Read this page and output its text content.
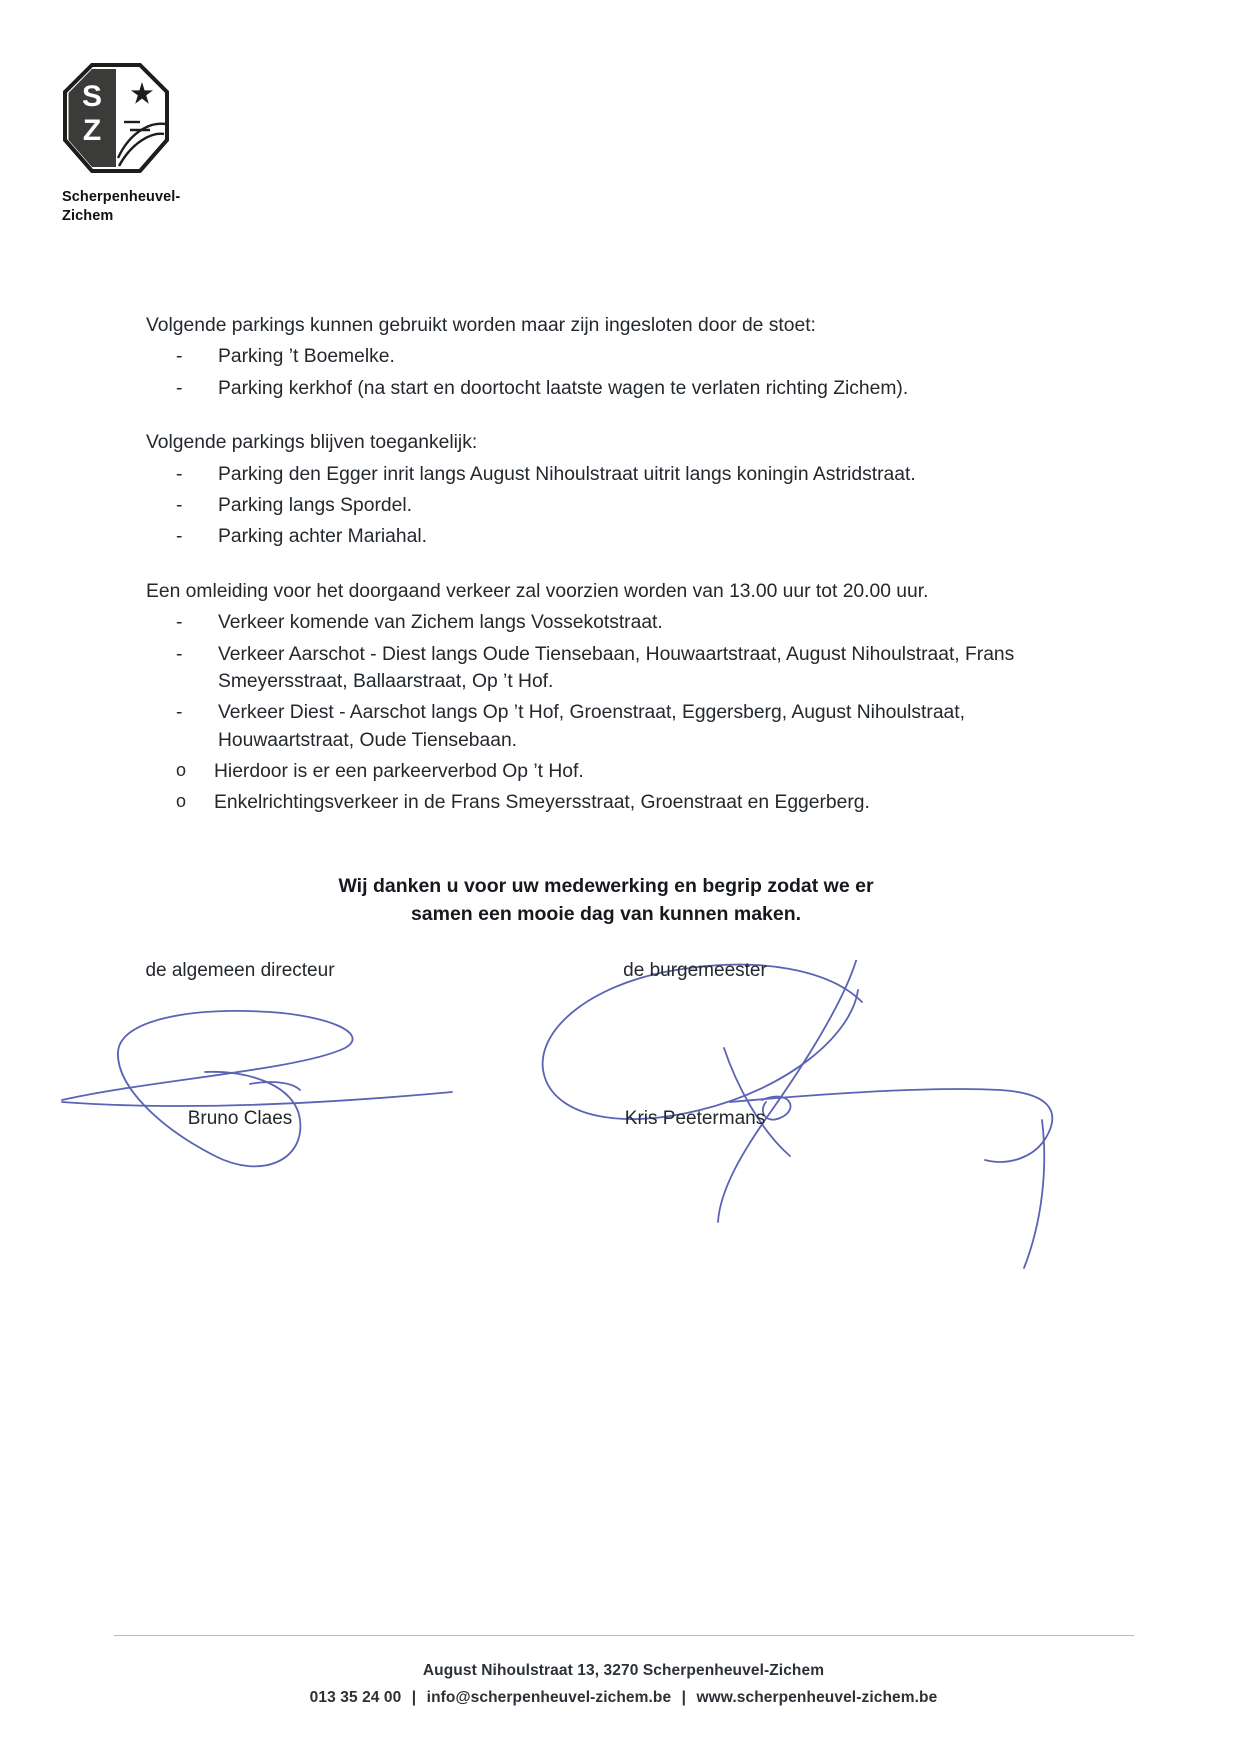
S
Z
Scherpenheuvel-
Zichem

Volgende parkings kunnen gebruikt worden maar zijn ingesloten door de stoet:

- Parking ’t Boemelke.
- Parking kerkhof (na start en doortocht laatste wagen te verlaten richting Zichem).

Volgende parkings blijven toegankelijk:

- Parking den Egger inrit langs August Nihoulstraat uitrit langs koningin Astridstraat.
- Parking langs Spordel.
- Parking achter Mariahal.

Een omleiding voor het doorgaand verkeer zal voorzien worden van 13.00 uur tot 20.00 uur.

- Verkeer komende van Zichem langs Vossekotstraat.
- Verkeer Aarschot - Diest langs Oude Tiensebaan, Houwaartstraat, August Nihoulstraat, Frans Smeyersstraat, Ballaarstraat, Op ’t Hof.
- Verkeer Diest - Aarschot langs Op ’t Hof, Groenstraat, Eggersberg, August Nihoulstraat, Houwaartstraat, Oude Tiensebaan.
o Hierdoor is er een parkeerverbod Op ’t Hof.
o Enkelrichtingsverkeer in de Frans Smeyersstraat, Groenstraat en Eggerberg.
Wij danken u voor uw medewerking en begrip zodat we er
samen een mooie dag van kunnen maken.
de algemeen directeur
Bruno Claes
de burgemeester
Kris Peetermans
August Nihoulstraat 13, 3270 Scherpenheuvel-Zichem
013 35 24 00 | info@scherpenheuvel-zichem.be | www.scherpenheuvel-zichem.be
